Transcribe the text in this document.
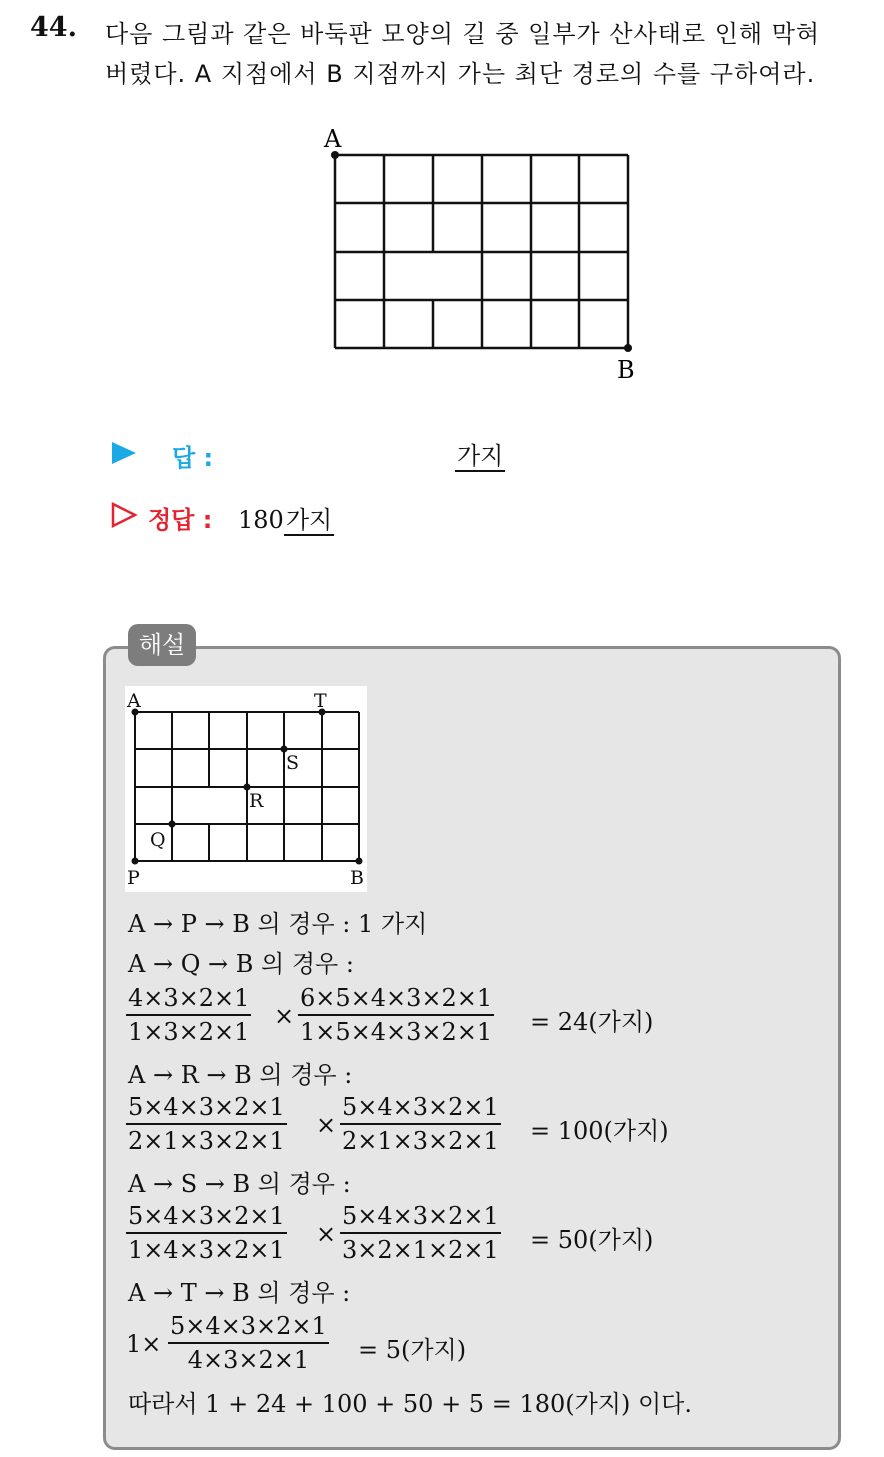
44. 다음 그림과 같은 바둑판 모양의 길 중 일부가 산사태로 인해 막혀
버렸다. A 지점에서 B 지점까지 가는 최단 경로의 수를 구하여라.
A
B
답 :	가지
정답 : 180가지
해설
A	T
S
R
Q
P	B
A → P → B 의 경우 : 1 가지
A → Q → B 의 경우 :
4×3×2×1
1×3×2×1
×
6×5×4×3×2×1
1×5×4×3×2×1 = 24(가지)
A → R → B 의 경우 :
5×4×3×2×1
2×1×3×2×1
×
5×4×3×2×1
2×1×3×2×1 = 100(가지)
A → S → B 의 경우 :
5×4×3×2×1
1×4×3×2×1
×
5×4×3×2×1
3×2×1×2×1 = 50(가지)
A → T → B 의 경우 :
1×
5×4×3×2×1
4×3×2×1	= 5(가지)
따라서 1 + 24 + 100 + 50 + 5 = 180(가지) 이다.
